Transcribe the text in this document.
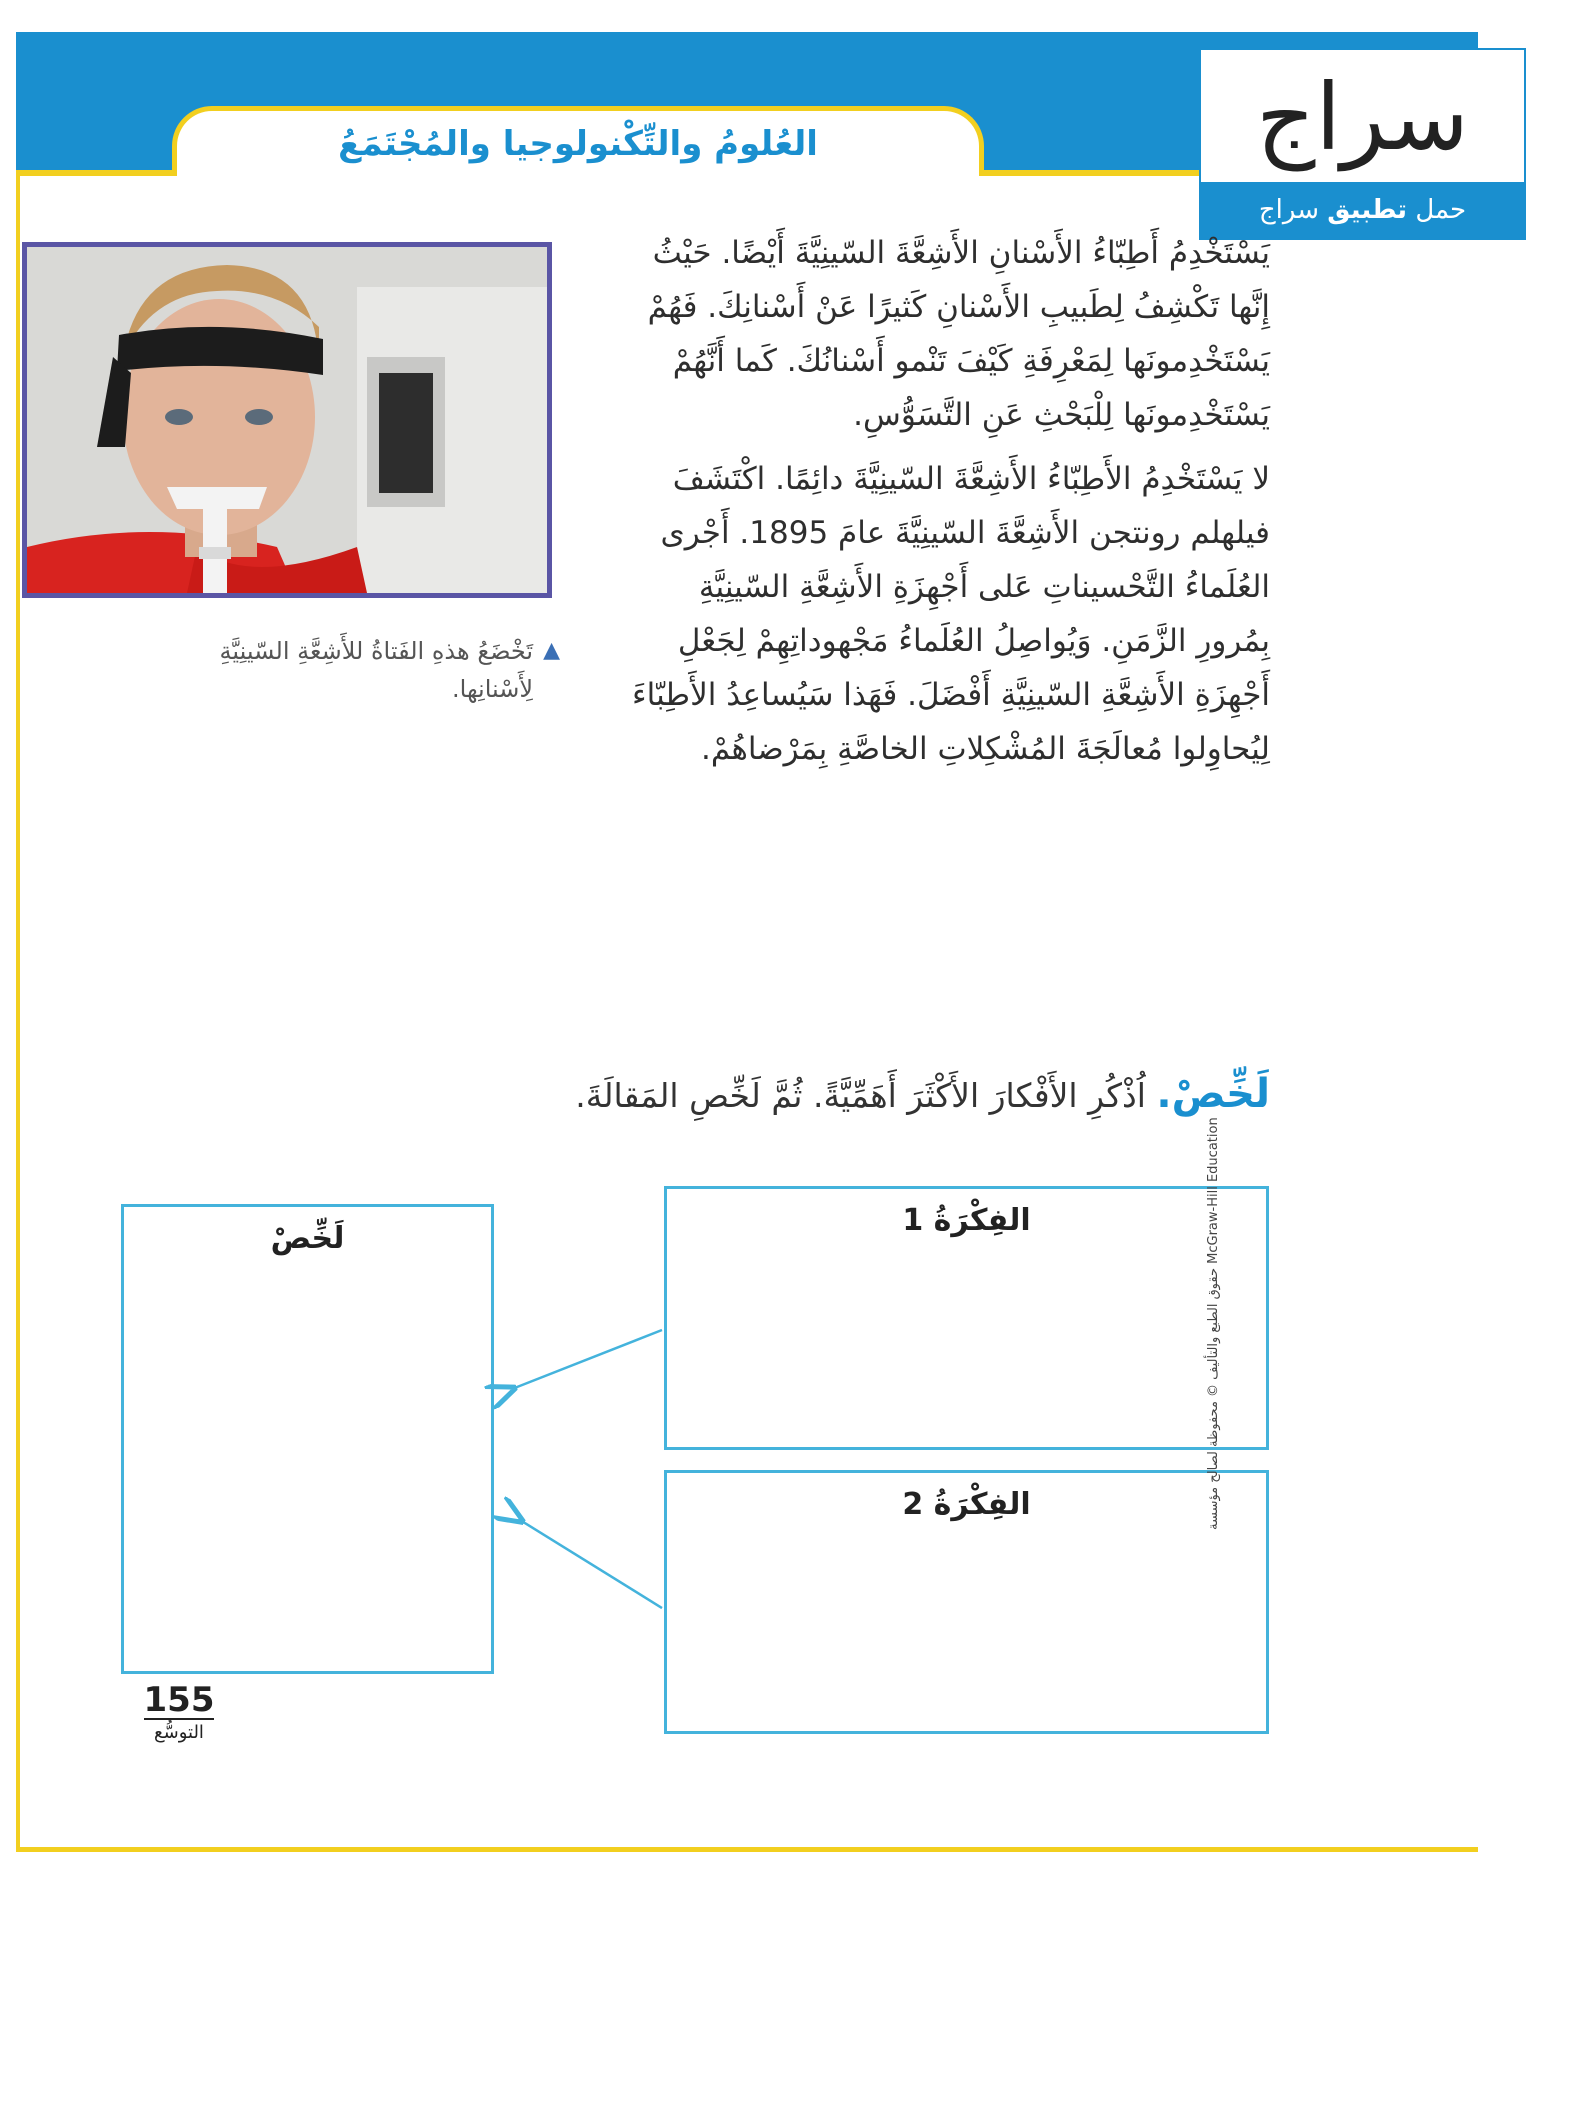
العُلومُ والتِّكْنولوجيا والمُجْتَمَعُ	سراج
حمل تطبيق سراج

يَسْتَخْدِمُ أَطِبّاءُ الأَسْنانِ الأَشِعَّةَ السّينِيَّةَ أَيْضًا. حَيْثُ إِنَّها تَكْشِفُ لِطَبيبِ الأَسْنانِ كَثيرًا عَنْ أَسْنانِكَ. فَهُمْ يَسْتَخْدِمونَها لِمَعْرِفَةِ كَيْفَ تَنْمو أَسْنانُكَ. كَما أَنَّهُمْ يَسْتَخْدِمونَها لِلْبَحْثِ عَنِ التَّسَوُّسِ.

لا يَسْتَخْدِمُ الأَطِبّاءُ الأَشِعَّةَ السّينِيَّةَ دائِمًا. اكْتَشَفَ فيلهلم رونتجن الأَشِعَّةَ السّينِيَّةَ عامَ 1895. أَجْرى العُلَماءُ التَّحْسيناتِ عَلى أَجْهِزَةِ الأَشِعَّةِ السّينِيَّةِ بِمُرورِ الزَّمَنِ. وَيُواصِلُ العُلَماءُ مَجْهوداتِهِمْ لِجَعْلِ أَجْهِزَةِ الأَشِعَّةِ السّينِيَّةِ أَفْضَلَ. فَهَذا سَيُساعِدُ الأَطِبّاءَ لِيُحاوِلوا مُعالَجَةَ المُشْكِلاتِ الخاصَّةِ بِمَرْضاهُمْ.

▲
تَخْضَعُ هذهِ الفَتاةُ للأَشِعَّةِ السّينِيَّةِ لِأَسْنانِها.
لَخِّصْ. اُذْكُرِ الأَفْكارَ الأَكْثَرَ أَهَمِّيَّةً. ثُمَّ لَخِّصِ المَقالَةَ.
لَخِّصْ
الفِكْرَةُ 1
الفِكْرَةُ 2
155
التوسُّع
حقوق الطبع والتأليف © محفوظة لصالح مؤسسة McGraw-Hill Education
